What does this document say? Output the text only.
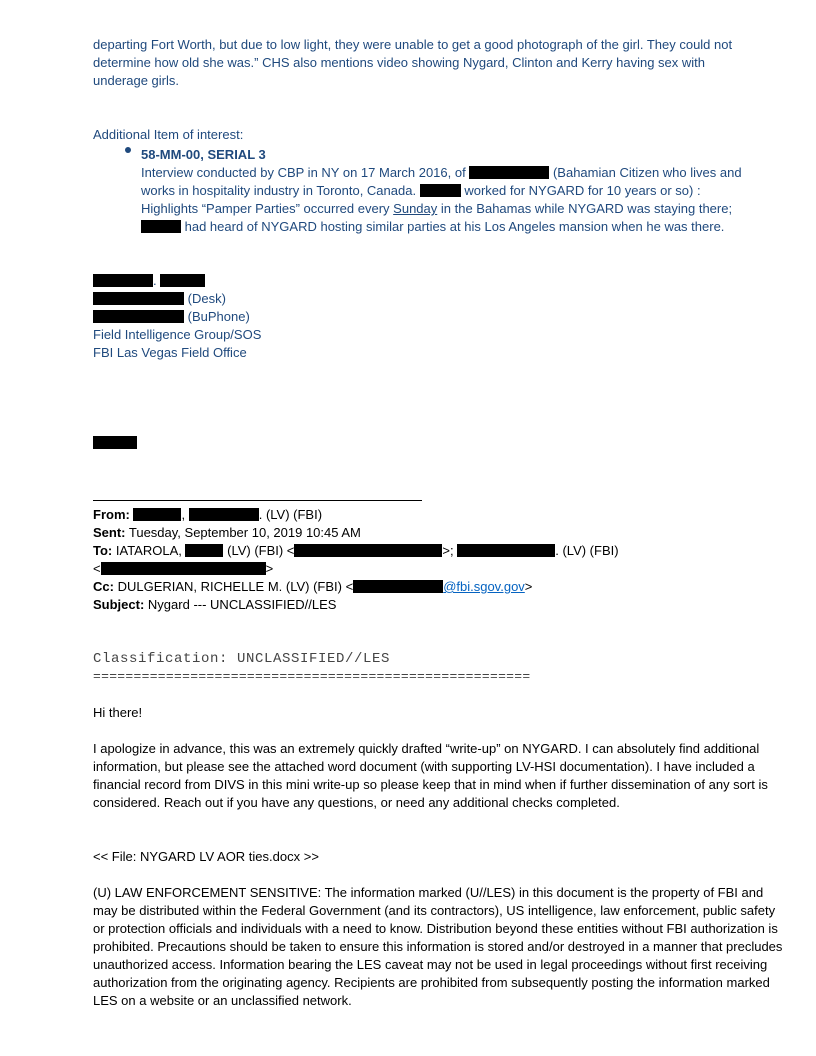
departing Fort Worth, but due to low light, they were unable to get a good photograph of the girl. They could not
determine how old she was.” CHS also mentions video showing Nygard, Clinton and Kerry having sex with
underage girls.
Additional Item of interest:
58-MM-00, SERIAL 3
Interview conducted by CBP in NY on 17 March 2016, of	(Bahamian Citizen who lives and
works in hospitality industry in Toronto, Canada.	worked for NYGARD for 10 years or so) :
Highlights “Pamper Parties” occurred every Sunday in the Bahamas while NYGARD was staying there;
had heard of NYGARD hosting similar parties at his Los Angeles mansion when he was there.
.
(Desk)
(BuPhone)
Field Intelligence Group/SOS
FBI Las Vegas Field Office
From:	,	. (LV) (FBI)
Sent: Tuesday, September 10, 2019 10:45 AM
To: IATAROLA,	(LV) (FBI) <	>;	. (LV) (FBI)
<	>
Cc: DULGERIAN, RICHELLE M. (LV) (FBI) <	@fbi.sgov.gov>
Subject: Nygard --- UNCLASSIFIED//LES
Classification: UNCLASSIFIED//LES
======================================================
Hi there!
I apologize in advance, this was an extremely quickly drafted “write-up” on NYGARD. I can absolutely find additional information, but please see the attached word document (with supporting LV-HSI documentation). I have included a financial record from DIVS in this mini write-up so please keep that in mind when if further dissemination of any sort is considered. Reach out if you have any questions, or need any additional checks completed.
<< File: NYGARD LV AOR ties.docx >>
(U) LAW ENFORCEMENT SENSITIVE: The information marked (U//LES) in this document is the property of FBI and may be distributed within the Federal Government (and its contractors), US intelligence, law enforcement, public safety or protection officials and individuals with a need to know. Distribution beyond these entities without FBI authorization is prohibited. Precautions should be taken to ensure this information is stored and/or destroyed in a manner that precludes unauthorized access. Information bearing the LES caveat may not be used in legal proceedings without first receiving authorization from the originating agency. Recipients are prohibited from subsequently posting the information marked LES on a website or an unclassified network.
